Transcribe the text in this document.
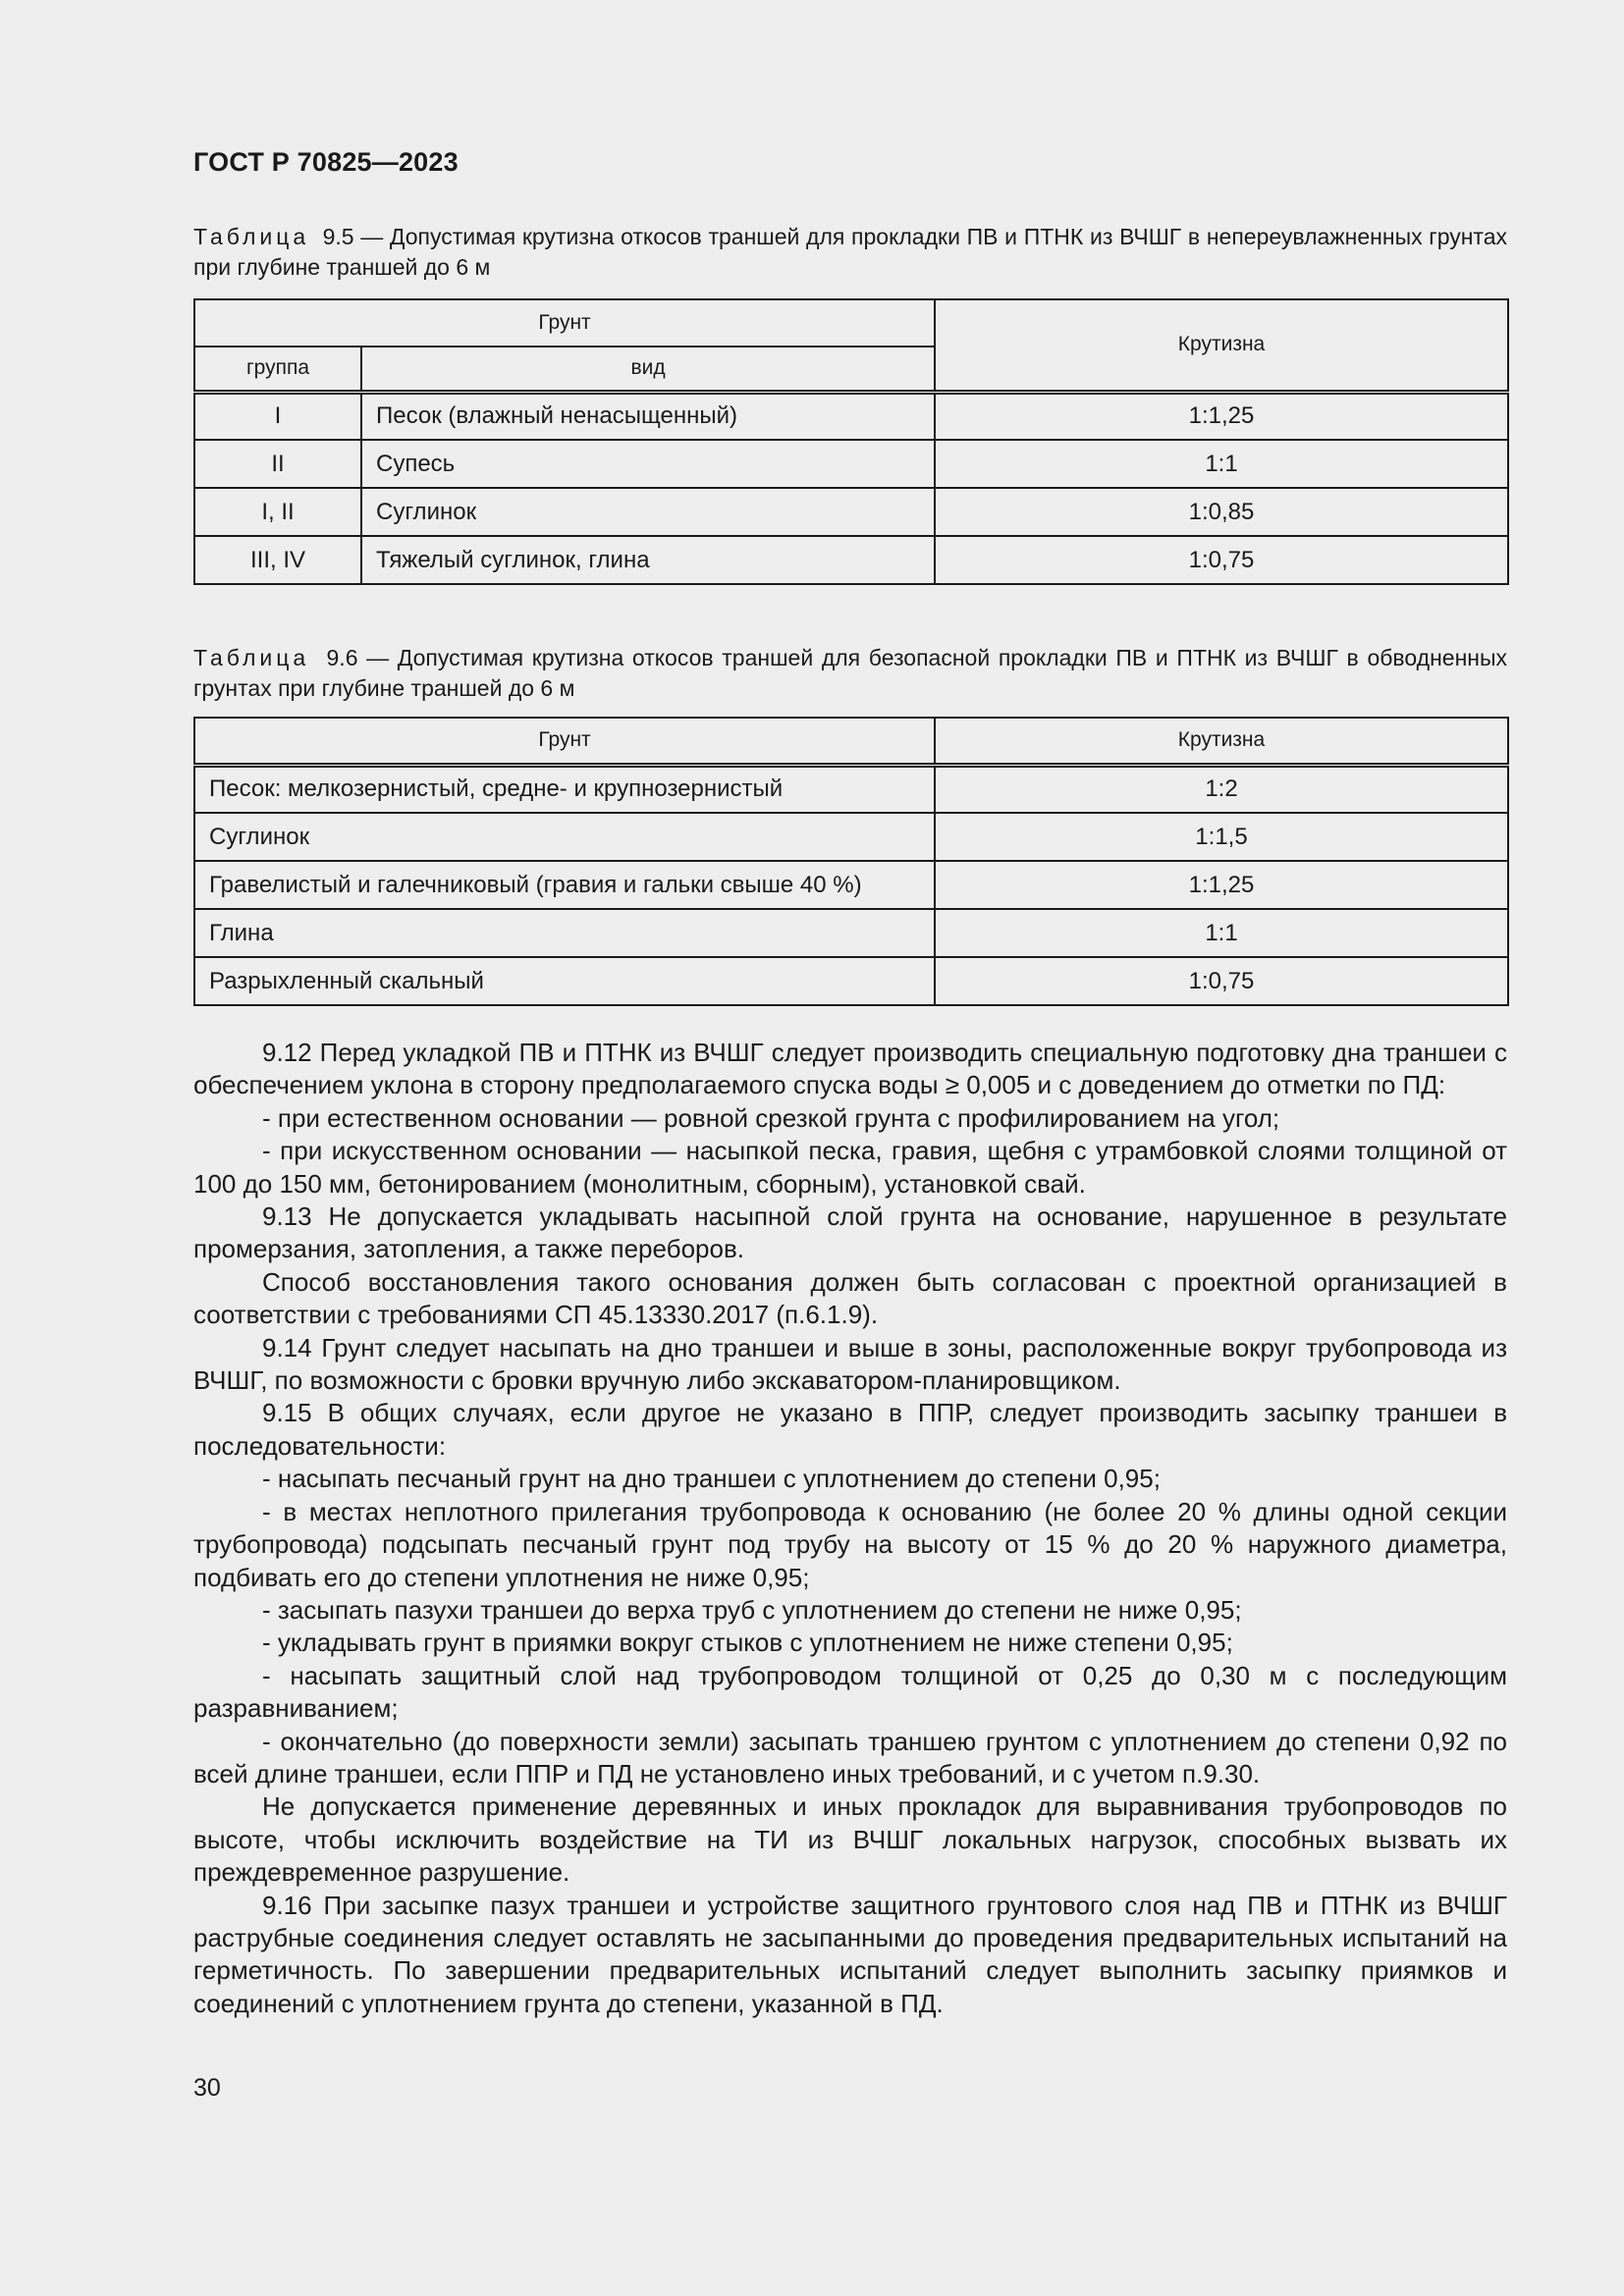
ГОСТ Р 70825—2023
Таблица 9.5 — Допустимая крутизна откосов траншей для прокладки ПВ и ПТНК из ВЧШГ в непереувлажненных грунтах при глубине траншей до 6 м
Грунт		Крутизна
группа	вид	
I	Песок (влажный ненасыщенный)	1:1,25
II	Супесь	1:1
I, II	Суглинок	1:0,85
III, IV	Тяжелый суглинок, глина	1:0,75
Таблица 9.6 — Допустимая крутизна откосов траншей для безопасной прокладки ПВ и ПТНК из ВЧШГ в обводненных грунтах при глубине траншей до 6 м
Грунт	Крутизна
Песок: мелкозернистый, средне- и крупнозернистый	1:2
Суглинок	1:1,5
Гравелистый и галечниковый (гравия и гальки свыше 40 %)	1:1,25
Глина	1:1
Разрыхленный скальный	1:0,75

9.12 Перед укладкой ПВ и ПТНК из ВЧШГ следует производить специальную подготовку дна траншеи с обеспечением уклона в сторону предполагаемого спуска воды ≥ 0,005 и с доведением до отметки по ПД:

- при естественном основании — ровной срезкой грунта с профилированием на угол;

- при искусственном основании — насыпкой песка, гравия, щебня с утрамбовкой слоями толщиной от 100 до 150 мм, бетонированием (монолитным, сборным), установкой свай.

9.13 Не допускается укладывать насыпной слой грунта на основание, нарушенное в результате промерзания, затопления, а также переборов.

Способ восстановления такого основания должен быть согласован с проектной организацией в соответствии с требованиями СП 45.13330.2017 (п.6.1.9).

9.14 Грунт следует насыпать на дно траншеи и выше в зоны, расположенные вокруг трубопровода из ВЧШГ, по возможности с бровки вручную либо экскаватором-планировщиком.

9.15 В общих случаях, если другое не указано в ППР, следует производить засыпку траншеи в последовательности:

- насыпать песчаный грунт на дно траншеи с уплотнением до степени 0,95;

- в местах неплотного прилегания трубопровода к основанию (не более 20 % длины одной секции трубопровода) подсыпать песчаный грунт под трубу на высоту от 15 % до 20 % наружного диаметра, подбивать его до степени уплотнения не ниже 0,95;

- засыпать пазухи траншеи до верха труб с уплотнением до степени не ниже 0,95;

- укладывать грунт в приямки вокруг стыков с уплотнением не ниже степени 0,95;

- насыпать защитный слой над трубопроводом толщиной от 0,25 до 0,30 м с последующим разравниванием;

- окончательно (до поверхности земли) засыпать траншею грунтом с уплотнением до степени 0,92 по всей длине траншеи, если ППР и ПД не установлено иных требований, и с учетом п.9.30.

Не допускается применение деревянных и иных прокладок для выравнивания трубопроводов по высоте, чтобы исключить воздействие на ТИ из ВЧШГ локальных нагрузок, способных вызвать их преждевременное разрушение.

9.16 При засыпке пазух траншеи и устройстве защитного грунтового слоя над ПВ и ПТНК из ВЧШГ раструбные соединения следует оставлять не засыпанными до проведения предварительных испытаний на герметичность. По завершении предварительных испытаний следует выполнить засыпку приямков и соединений с уплотнением грунта до степени, указанной в ПД.

30
